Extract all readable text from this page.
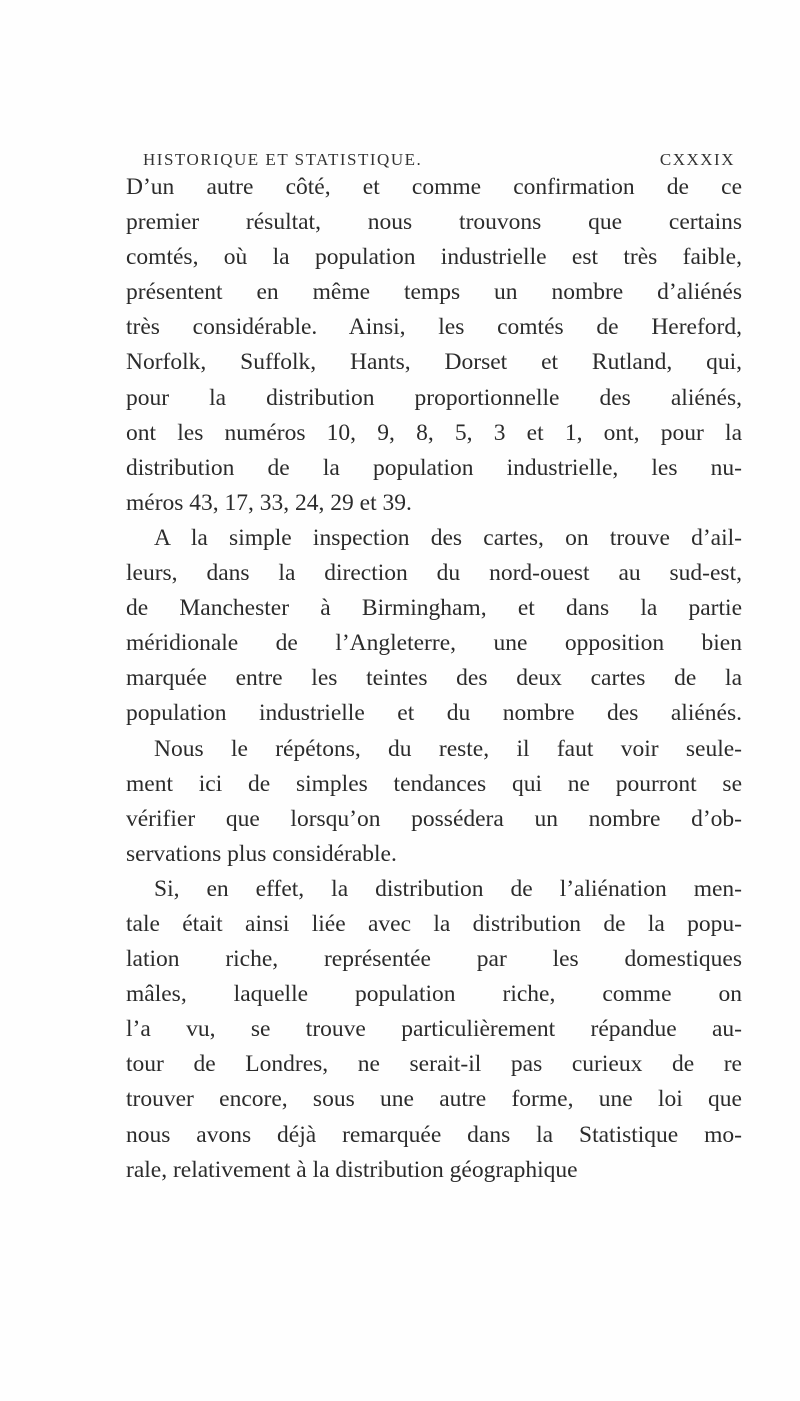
HISTORIQUE ET STATISTIQUE.	CXXXIX
D’un autre côté, et comme confirmation de ce
premier résultat, nous trouvons que certains
comtés, où la population industrielle est très faible,
présentent en même temps un nombre d’aliénés
très considérable. Ainsi, les comtés de Hereford,
Norfolk, Suffolk, Hants, Dorset et Rutland, qui,
pour la distribution proportionnelle des aliénés,
ont les numéros 10, 9, 8, 5, 3 et 1, ont, pour la
distribution de la population industrielle, les nu-
méros 43, 17, 33, 24, 29 et 39.
A la simple inspection des cartes, on trouve d’ail-
leurs, dans la direction du nord-ouest au sud-est,
de Manchester à Birmingham, et dans la partie
méridionale de l’Angleterre, une opposition bien
marquée entre les teintes des deux cartes de la
population industrielle et du nombre des aliénés.
Nous le répétons, du reste, il faut voir seule-
ment ici de simples tendances qui ne pourront se
vérifier que lorsqu’on possédera un nombre d’ob-
servations plus considérable.
Si, en effet, la distribution de l’aliénation men-
tale était ainsi liée avec la distribution de la popu-
lation riche, représentée par les domestiques
mâles, laquelle population riche, comme on
l’a vu, se trouve particulièrement répandue au-
tour de Londres, ne serait-il pas curieux de re
trouver encore, sous une autre forme, une loi que
nous avons déjà remarquée dans la Statistique mo-
rale, relativement à la distribution géographique
